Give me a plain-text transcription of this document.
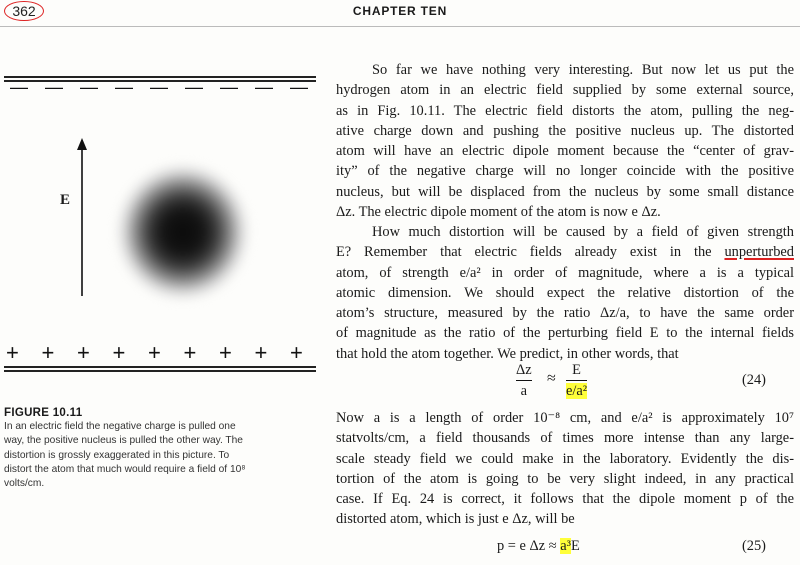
362	CHAPTER TEN
E
— — — — — — — — —
+ + + + + + + + +
FIGURE 10.11
In an electric field the negative charge is pulled one
way, the positive nucleus is pulled the other way. The
distortion is grossly exaggerated in this picture. To
distort the atom that much would require a field of 10⁸
volts/cm.
So far we have nothing very interesting. But now let us put the
hydrogen atom in an electric field supplied by some external source,
as in Fig. 10.11. The electric field distorts the atom, pulling the neg-
ative charge down and pushing the positive nucleus up. The distorted
atom will have an electric dipole moment because the “center of grav-
ity” of the negative charge will no longer coincide with the positive
nucleus, but will be displaced from the nucleus by some small distance
Δz. The electric dipole moment of the atom is now e Δz.
How much distortion will be caused by a field of given strength
E? Remember that electric fields already exist in the unperturbed
atom, of strength e/a² in order of magnitude, where a is a typical
atomic dimension. We should expect the relative distortion of the
atom’s structure, measured by the ratio Δz/a, to have the same order
of magnitude as the ratio of the perturbing field E to the internal fields
that hold the atom together. We predict, in other words, that
Δz
a
≈	E
e/a²
(24)
Now a is a length of order 10⁻⁸ cm, and e/a² is approximately 10⁷
statvolts/cm, a field thousands of times more intense than any large-
scale steady field we could make in the laboratory. Evidently the dis-
tortion of the atom is going to be very slight indeed, in any practical
case. If Eq. 24 is correct, it follows that the dipole moment p of the
distorted atom, which is just e Δz, will be
p = e Δz ≈ a³E	(25)
